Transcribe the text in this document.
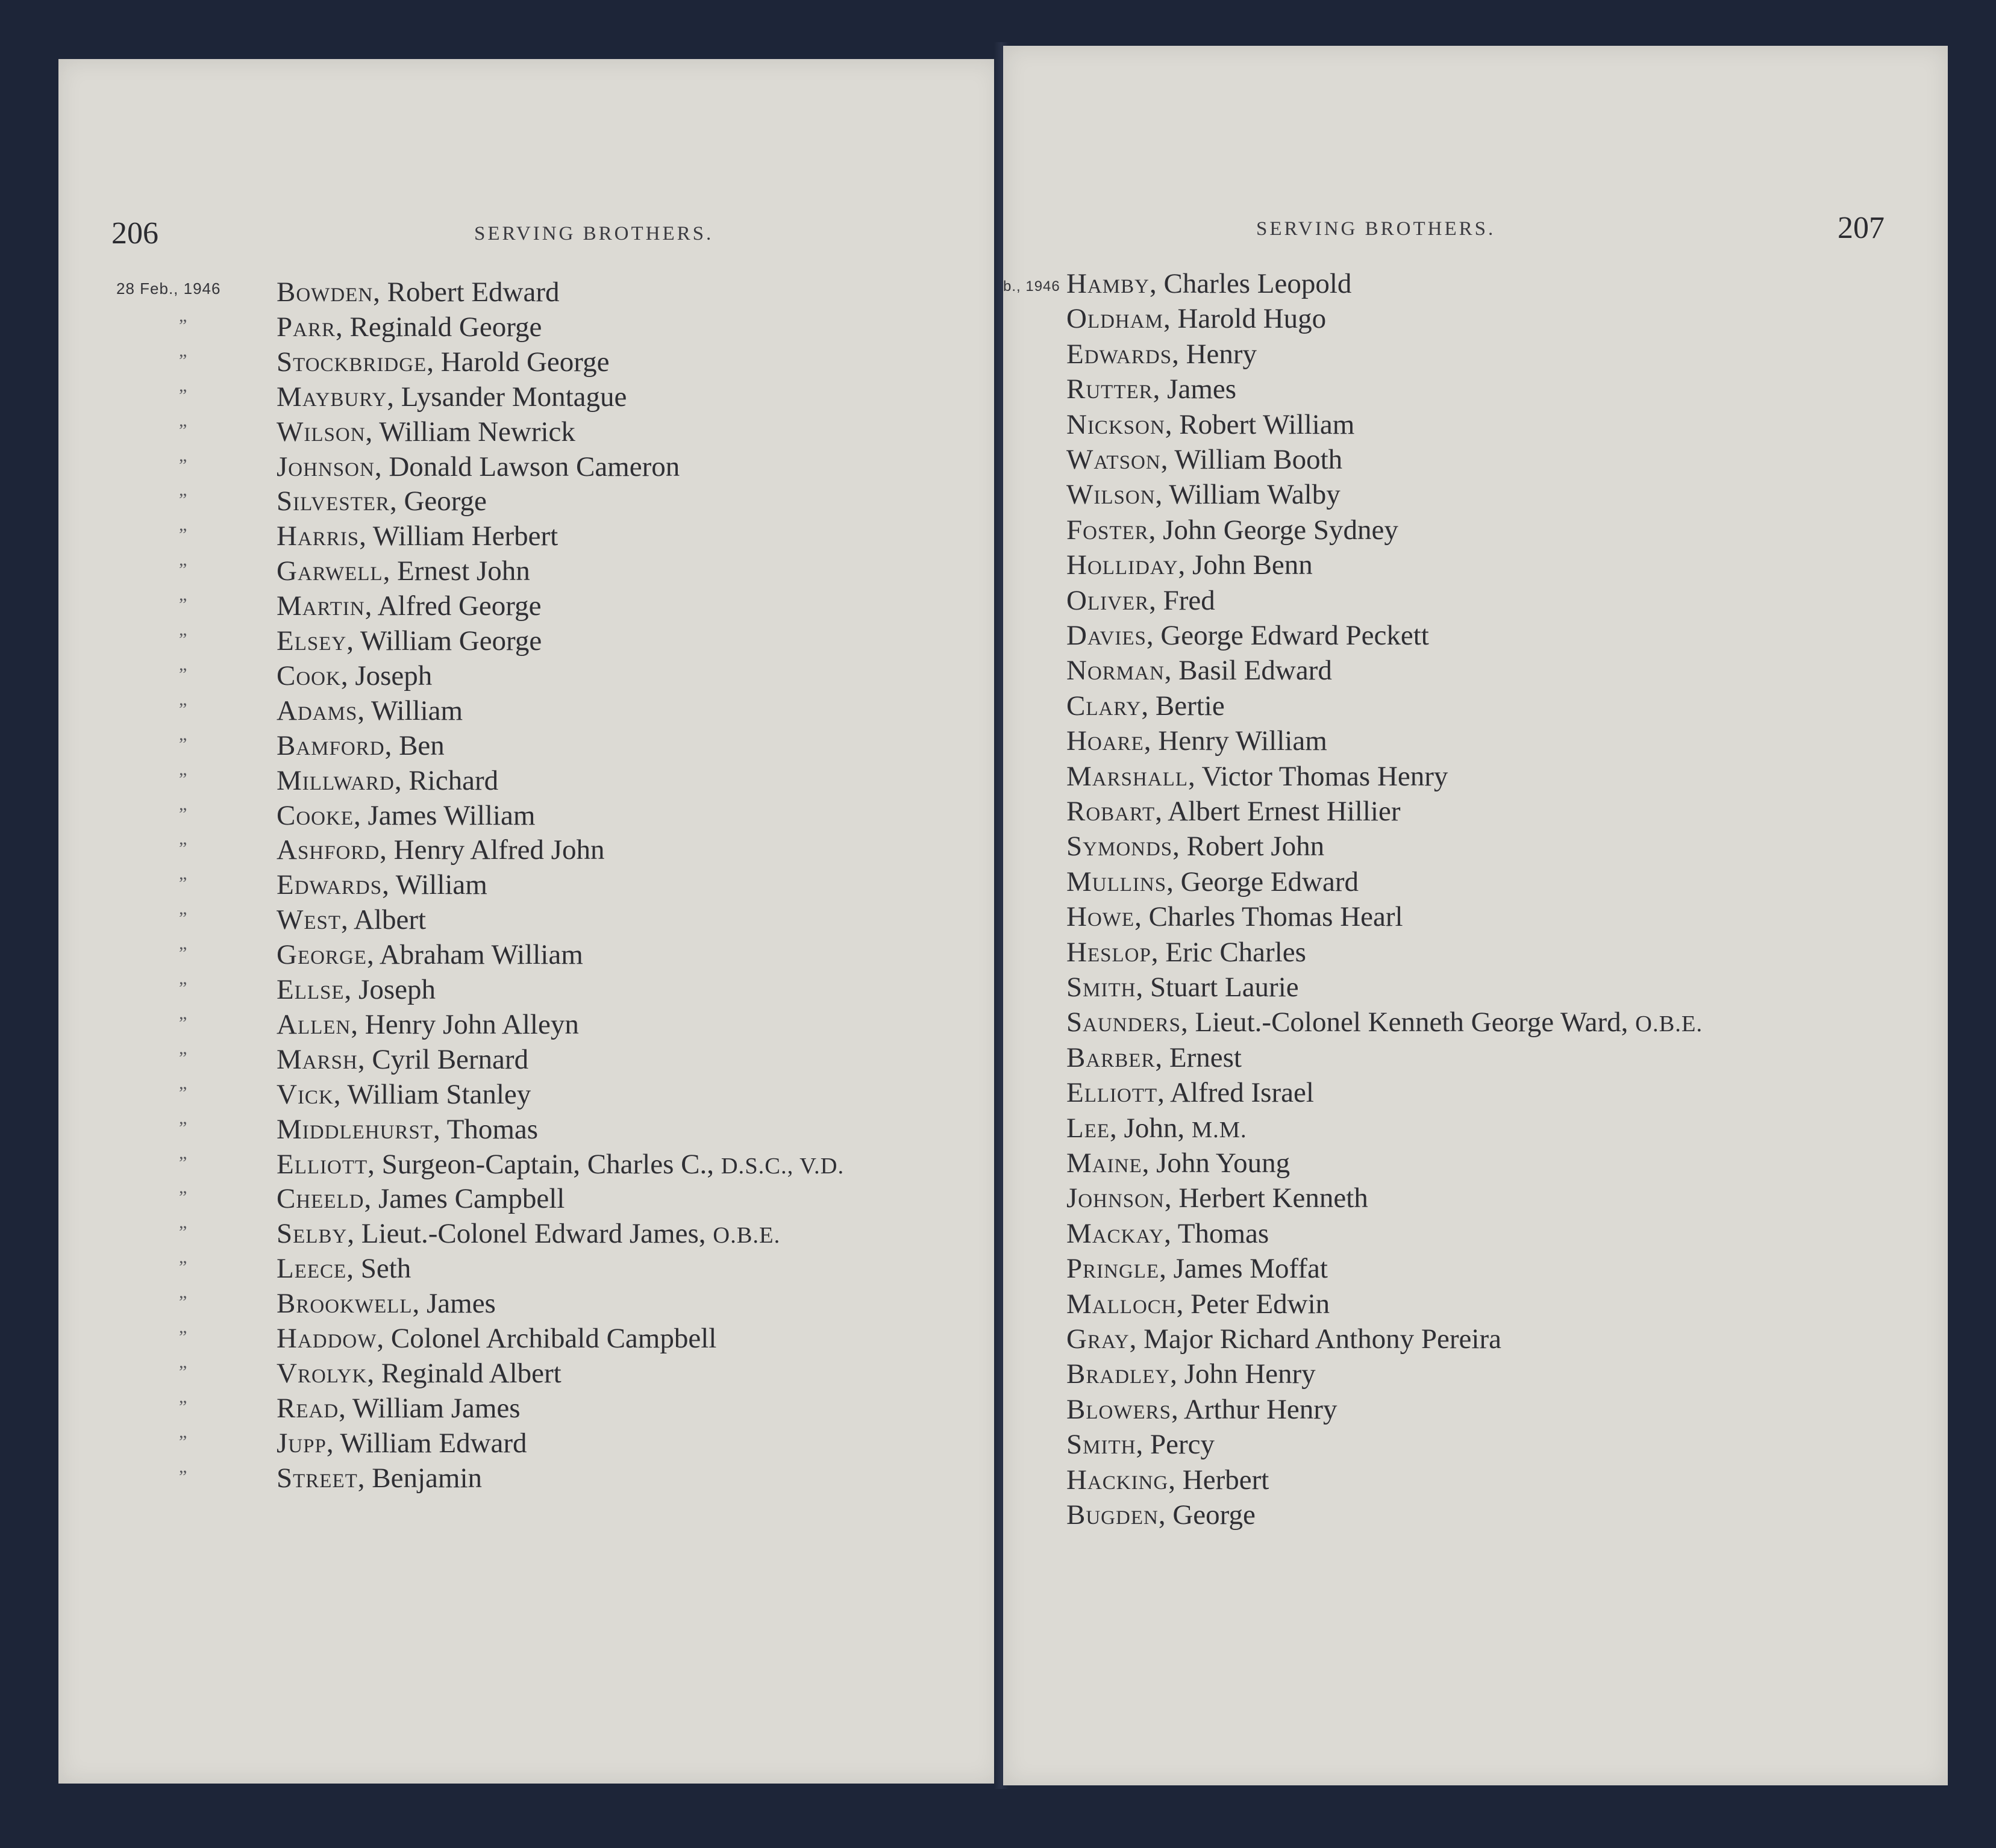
206	SERVING BROTHERS.
28 Feb., 1946 Bowden, Robert Edward
”	Parr, Reginald George
”	Stockbridge, Harold George
”	Maybury, Lysander Montague
”	Wilson, William Newrick
”	Johnson, Donald Lawson Cameron
”	Silvester, George
”	Harris, William Herbert
”	Garwell, Ernest John
”	Martin, Alfred George
”	Elsey, William George
”	Cook, Joseph
”	Adams, William
”	Bamford, Ben
”	Millward, Richard
”	Cooke, James William
”	Ashford, Henry Alfred John
”	Edwards, William
”	West, Albert
”	George, Abraham William
”	Ellse, Joseph
”	Allen, Henry John Alleyn
”	Marsh, Cyril Bernard
”	Vick, William Stanley
”	Middlehurst, Thomas
”	Elliott, Surgeon-Captain, Charles C., D.S.C., V.D.
”	Cheeld, James Campbell
”	Selby, Lieut.-Colonel Edward James, O.B.E.
”	Leece, Seth
”	Brookwell, James
”	Haddow, Colonel Archibald Campbell
”	Vrolyk, Reginald Albert
”	Read, William James
”	Jupp, William Edward
”	Street, Benjamin
SERVING BROTHERS.	207
b., 1946 Hamby, Charles Leopold
Oldham, Harold Hugo
Edwards, Henry
Rutter, James
Nickson, Robert William
Watson, William Booth
Wilson, William Walby
Foster, John George Sydney
Holliday, John Benn
Oliver, Fred
Davies, George Edward Peckett
Norman, Basil Edward
Clary, Bertie
Hoare, Henry William
Marshall, Victor Thomas Henry
Robart, Albert Ernest Hillier
Symonds, Robert John
Mullins, George Edward
Howe, Charles Thomas Hearl
Heslop, Eric Charles
Smith, Stuart Laurie
Saunders, Lieut.-Colonel Kenneth George Ward, O.B.E.
Barber, Ernest
Elliott, Alfred Israel
Lee, John, M.M.
Maine, John Young
Johnson, Herbert Kenneth
Mackay, Thomas
Pringle, James Moffat
Malloch, Peter Edwin
Gray, Major Richard Anthony Pereira
Bradley, John Henry
Blowers, Arthur Henry
Smith, Percy
Hacking, Herbert
Bugden, George
